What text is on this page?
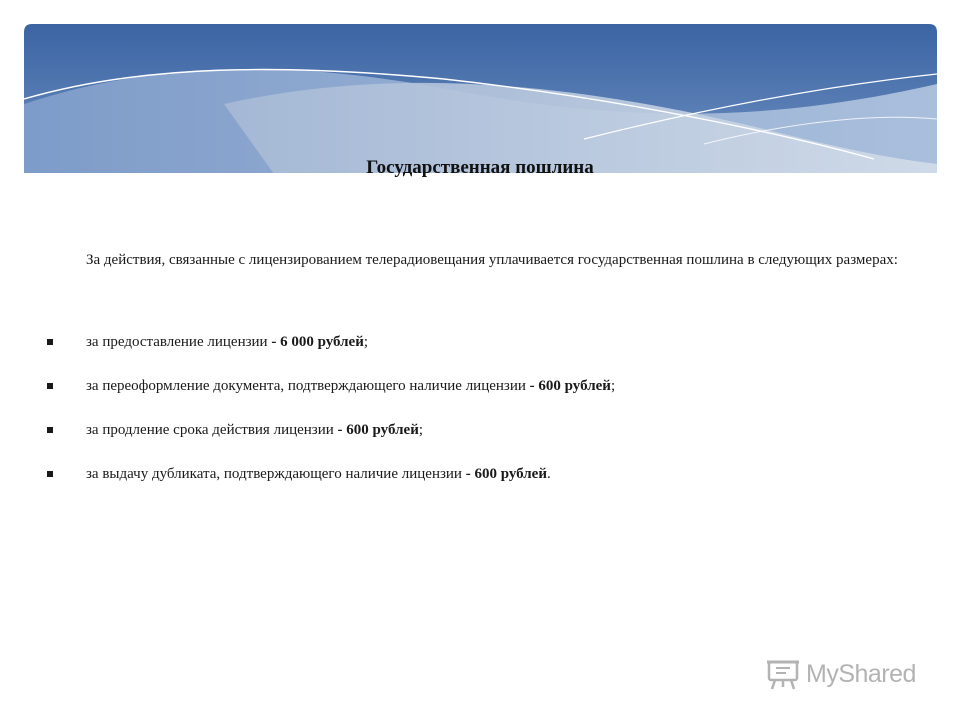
Государственная пошлина
За действия, связанные с лицензированием телерадиовещания уплачивается государственная пошлина в следующих размерах:
за предоставление лицензии - 6 000 рублей;
за переоформление документа, подтверждающего наличие лицензии - 600 рублей;
за продление срока действия лицензии - 600 рублей;
за выдачу дубликата, подтверждающего наличие лицензии - 600 рублей.
MyShared
